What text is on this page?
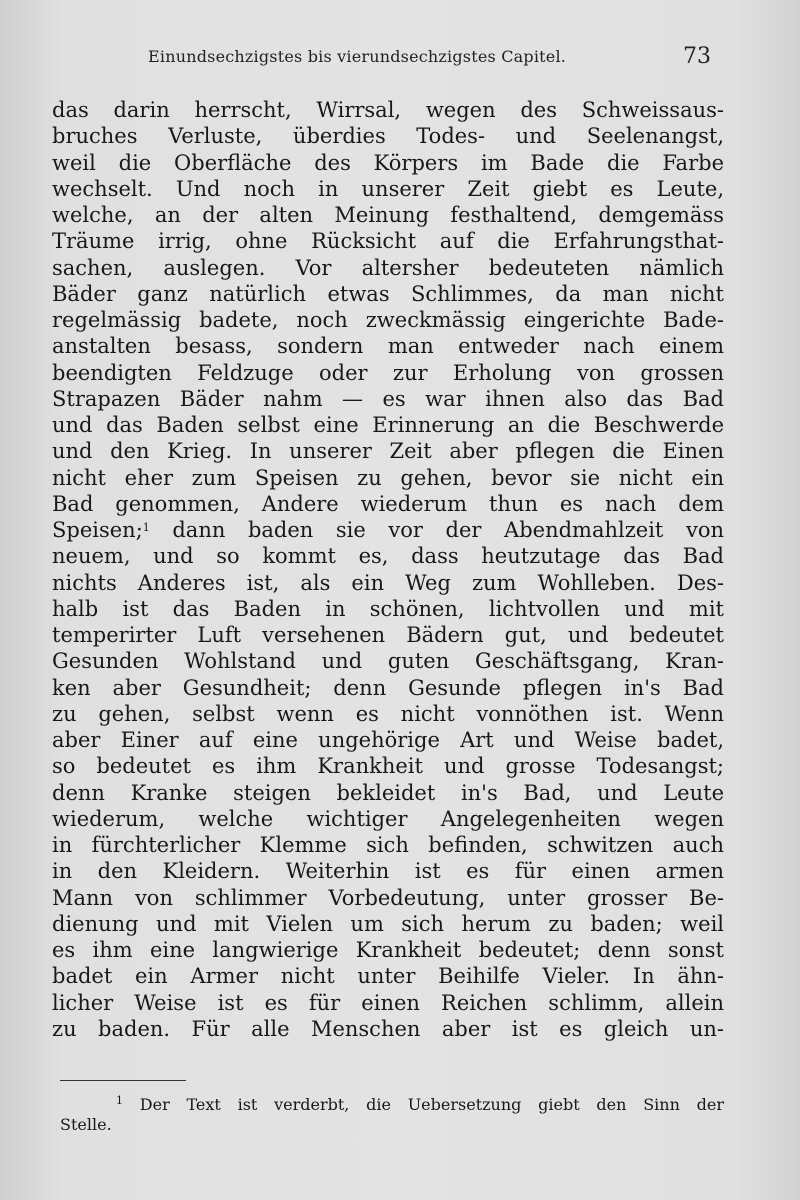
Einundsechzigstes bis vierundsechzigstes Capitel.	73
das darin herrscht, Wirrsal, wegen des Schweissaus-
bruches Verluste, überdies Todes- und Seelenangst,
weil die Oberfläche des Körpers im Bade die Farbe
wechselt. Und noch in unserer Zeit giebt es Leute,
welche, an der alten Meinung festhaltend, demgemäss
Träume irrig, ohne Rücksicht auf die Erfahrungsthat-
sachen, auslegen. Vor altersher bedeuteten nämlich
Bäder ganz natürlich etwas Schlimmes, da man nicht
regelmässig badete, noch zweckmässig eingerichte Bade-
anstalten besass, sondern man entweder nach einem
beendigten Feldzuge oder zur Erholung von grossen
Strapazen Bäder nahm — es war ihnen also das Bad
und das Baden selbst eine Erinnerung an die Beschwerde
und den Krieg. In unserer Zeit aber pflegen die Einen
nicht eher zum Speisen zu gehen, bevor sie nicht ein
Bad genommen, Andere wiederum thun es nach dem
Speisen;$^1$ dann baden sie vor der Abendmahlzeit von
neuem, und so kommt es, dass heutzutage das Bad
nichts Anderes ist, als ein Weg zum Wohlleben. Des-
halb ist das Baden in schönen, lichtvollen und mit
temperirter Luft versehenen Bädern gut, und bedeutet
Gesunden Wohlstand und guten Geschäftsgang, Kran-
ken aber Gesundheit; denn Gesunde pflegen in's Bad
zu gehen, selbst wenn es nicht vonnöthen ist. Wenn
aber Einer auf eine ungehörige Art und Weise badet,
so bedeutet es ihm Krankheit und grosse Todesangst;
denn Kranke steigen bekleidet in's Bad, und Leute
wiederum, welche wichtiger Angelegenheiten wegen
in fürchterlicher Klemme sich befinden, schwitzen auch
in den Kleidern. Weiterhin ist es für einen armen
Mann von schlimmer Vorbedeutung, unter grosser Be-
dienung und mit Vielen um sich herum zu baden; weil
es ihm eine langwierige Krankheit bedeutet; denn sonst
badet ein Armer nicht unter Beihilfe Vieler. In ähn-
licher Weise ist es für einen Reichen schlimm, allein
zu baden. Für alle Menschen aber ist es gleich un-
$^1$ Der Text ist verderbt, die Uebersetzung giebt den Sinn der
Stelle.
